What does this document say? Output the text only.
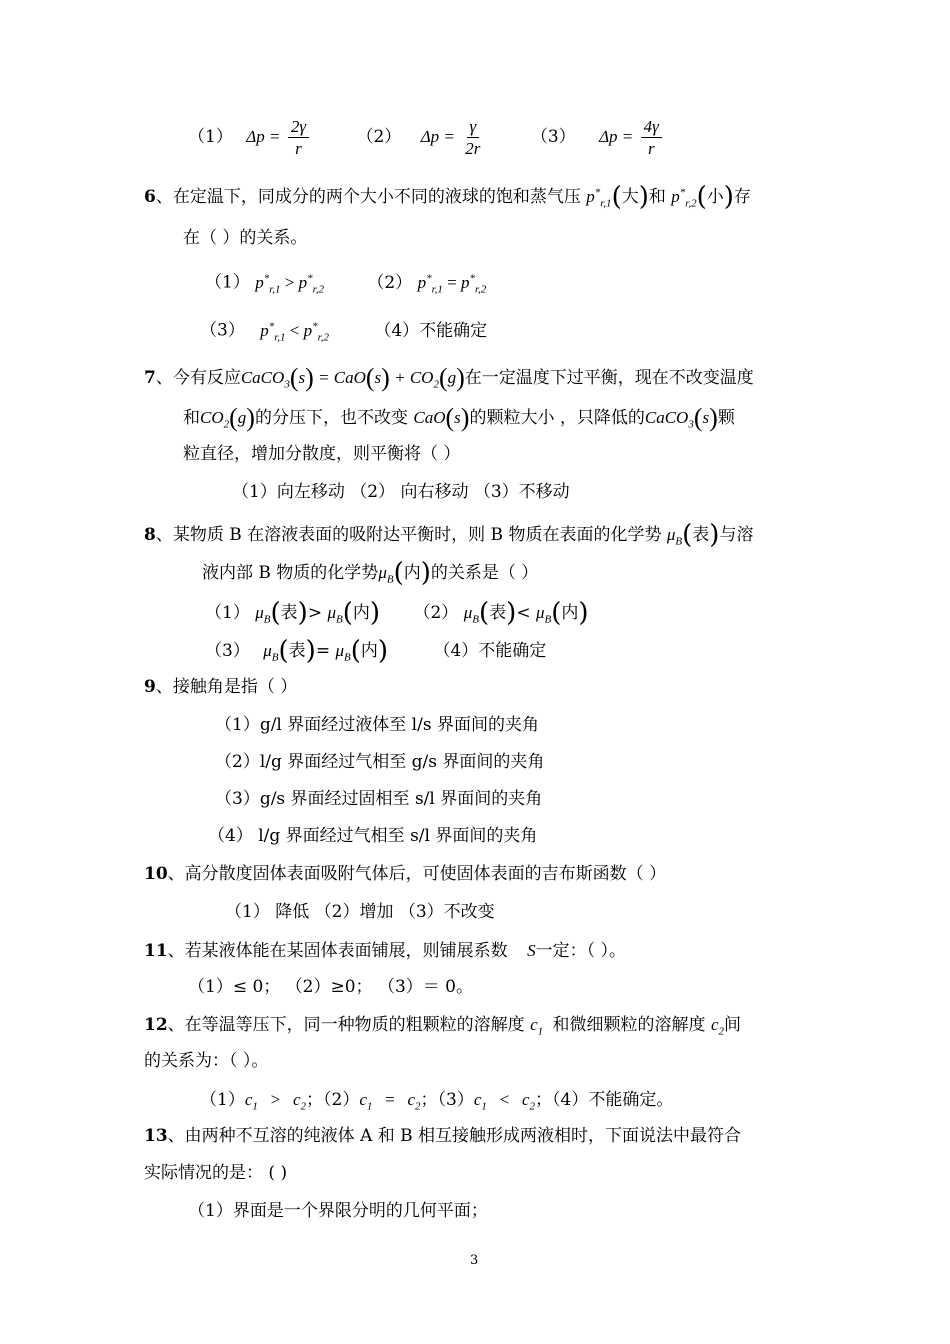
（1） $\Delta p = \frac{2\gamma}{r}$	（2） $\Delta p = \frac{\gamma}{2r}$	（3） $\Delta p = \frac{4\gamma}{r}$
6、在定温下，同成分的两个大小不同的液球的饱和蒸气压 $p^*_{r,1}$(大)和 $p^*_{r,2}$(小)存
在（ ）的关系。
（1） $p^*_{r,1} > p^*_{r,2}$	（2） $p^*_{r,1} = p^*_{r,2}$
（3） $p^*_{r,1} < p^*_{r,2}$	（4）不能确定
7、今有反应CaCO$_3$(s) = $CaO(s) + CO_2(g)$在一定温度下过平衡，现在不改变温度
和$CO_2(g)$的分压下，也不改变 CaO(s)的颗粒大小 ，只降低的CaCO$_3$(s)颗
粒直径，增加分散度，则平衡将（ ）
（1）向左移动 （2） 向右移动 （3）不移动
8、某物质 B 在溶液表面的吸附达平衡时，则 B 物质在表面的化学势 $\mu_B$(表)与溶
液内部 B 物质的化学势$\mu_B$(内)的关系是（ ）
（1） $\mu_B$(表)> $\mu_B$(内) （2） $\mu_B$(表)< $\mu_B$(内)
（3） $\mu_B$(表)= $\mu_B$(内)	（4）不能确定
9、接触角是指（ ）
（1）g/l 界面经过液体至 l/s 界面间的夹角
（2）l/g 界面经过气相至 g/s 界面间的夹角
（3）g/s 界面经过固相至 s/l 界面间的夹角
（4） l/g 界面经过气相至 s/l 界面间的夹角
10、高分散度固体表面吸附气体后，可使固体表面的吉布斯函数（ ）
（1） 降低 （2）增加 （3）不改变
11、若某液体能在某固体表面铺展，则铺展系数 S一定：（ ）。
（1）≤ 0； （2）≥0； （3）＝ 0。
12、在等温等压下，同一种物质的粗颗粒的溶解度 $c_1$ 和微细颗粒的溶解度 $c_2$间
的关系为：（ ）。
$(1)c_1 > c_2$；$(2)c_1 = c_2$；$(3)c_1 < c_2$；（4）不能确定。
13、由两种不互溶的纯液体 A 和 B 相互接触形成两液相时，下面说法中最符合
实际情况的是： ( )
（1）界面是一个界限分明的几何平面；
3
